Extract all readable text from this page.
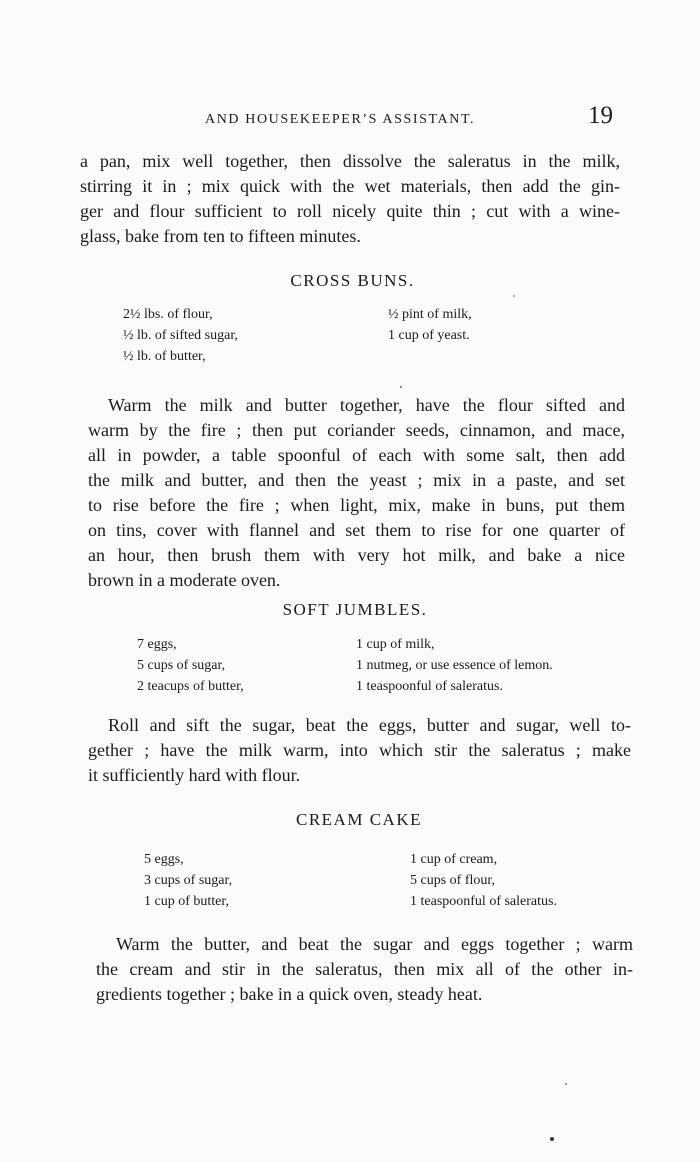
AND HOUSEKEEPER’S ASSISTANT.	19

a pan, mix well together, then dissolve the saleratus in the milk,
stirring it in ; mix quick with the wet materials, then add the gin-
ger and flour sufficient to roll nicely quite thin ; cut with a wine-
glass, bake from ten to fifteen minutes.

CROSS BUNS.
2½ lbs. of flour,
½ lb. of sifted sugar,
½ lb. of butter,
½ pint of milk,
1 cup of yeast.

Warm the milk and butter together, have the flour sifted and
warm by the fire ; then put coriander seeds, cinnamon, and mace,
all in powder, a table spoonful of each with some salt, then add
the milk and butter, and then the yeast ; mix in a paste, and set
to rise before the fire ; when light, mix, make in buns, put them
on tins, cover with flannel and set them to rise for one quarter of
an hour, then brush them with very hot milk, and bake a nice
brown in a moderate oven.

SOFT JUMBLES.
7 eggs,
5 cups of sugar,
2 teacups of butter,
1 cup of milk,
1 nutmeg, or use essence of lemon.
1 teaspoonful of saleratus.

Roll and sift the sugar, beat the eggs, butter and sugar, well to-
gether ; have the milk warm, into which stir the saleratus ; make
it sufficiently hard with flour.

CREAM CAKE
5 eggs,
3 cups of sugar,
1 cup of butter,
1 cup of cream,
5 cups of flour,
1 teaspoonful of saleratus.

Warm the butter, and beat the sugar and eggs together ; warm
the cream and stir in the saleratus, then mix all of the other in-
gredients together ; bake in a quick oven, steady heat.
